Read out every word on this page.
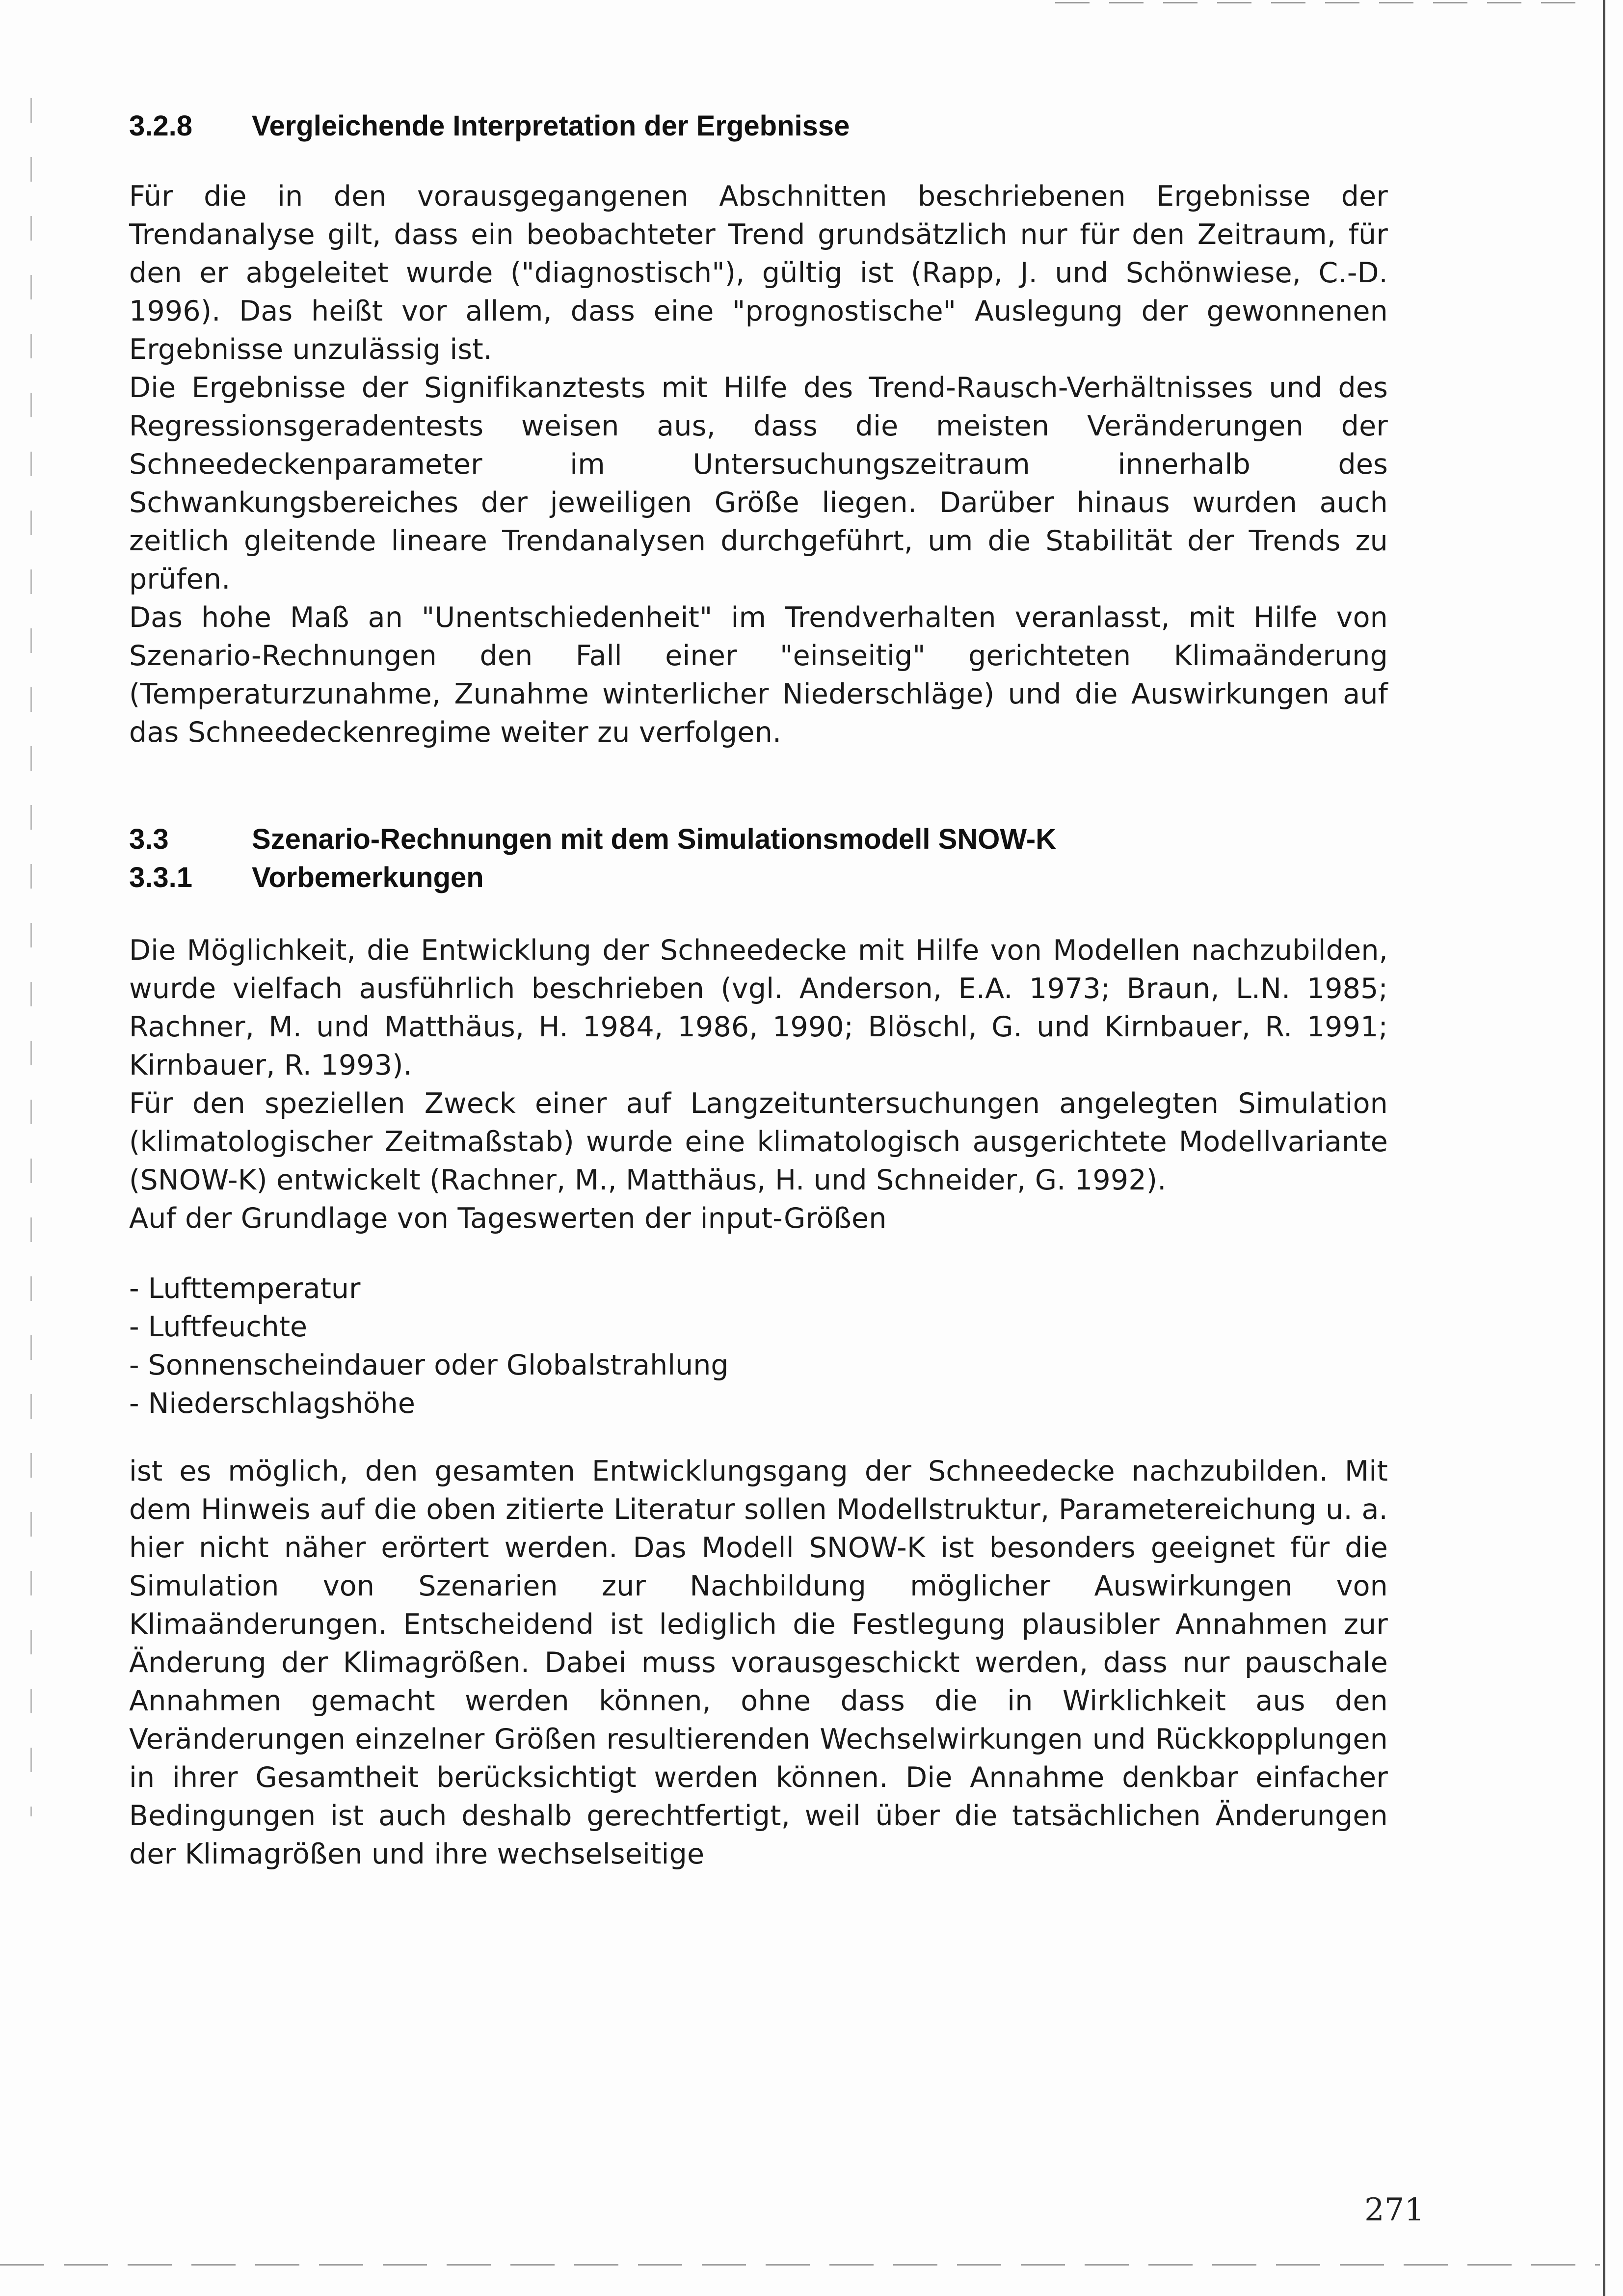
3.2.8 Vergleichende Interpretation der Ergebnisse

Für die in den vorausgegangenen Abschnitten beschriebenen Ergebnisse der Trendanalyse gilt, dass ein beobachteter Trend grundsätzlich nur für den Zeitraum, für den er abgeleitet wurde ("diagnostisch"), gültig ist (Rapp, J. und Schönwiese, C.-D. 1996). Das heißt vor allem, dass eine "prognostische" Auslegung der gewonnenen Ergebnisse unzulässig ist.

Die Ergebnisse der Signifikanztests mit Hilfe des Trend-Rausch-Verhältnisses und des Regressionsgeradentests weisen aus, dass die meisten Veränderungen der Schneedeckenparameter im Untersuchungszeitraum innerhalb des Schwankungsbereiches der jeweiligen Größe liegen. Darüber hinaus wurden auch zeitlich gleitende lineare Trendanalysen durchgeführt, um die Stabilität der Trends zu prüfen.

Das hohe Maß an "Unentschiedenheit" im Trendverhalten veranlasst, mit Hilfe von Szenario-Rechnungen den Fall einer "einseitig" gerichteten Klimaänderung (Temperaturzunahme, Zunahme winterlicher Niederschläge) und die Auswirkungen auf das Schneedeckenregime weiter zu verfolgen.

3.3	Szenario-Rechnungen mit dem Simulationsmodell SNOW-K
3.3.1 Vorbemerkungen

Die Möglichkeit, die Entwicklung der Schneedecke mit Hilfe von Modellen nachzubilden, wurde vielfach ausführlich beschrieben (vgl. Anderson, E.A. 1973; Braun, L.N. 1985; Rachner, M. und Matthäus, H. 1984, 1986, 1990; Blöschl, G. und Kirnbauer, R. 1991; Kirnbauer, R. 1993).

Für den speziellen Zweck einer auf Langzeituntersuchungen angelegten Simulation (klimatologischer Zeitmaßstab) wurde eine klimatologisch ausgerichtete Modellvariante (SNOW-K) entwickelt (Rachner, M., Matthäus, H. und Schneider, G. 1992).

Auf der Grundlage von Tageswerten der input-Größen

- Lufttemperatur
- Luftfeuchte
- Sonnenscheindauer oder Globalstrahlung
- Niederschlagshöhe

ist es möglich, den gesamten Entwicklungsgang der Schneedecke nachzubilden. Mit dem Hinweis auf die oben zitierte Literatur sollen Modellstruktur, Parametereichung u. a. hier nicht näher erörtert werden. Das Modell SNOW-K ist besonders geeignet für die Simulation von Szenarien zur Nachbildung möglicher Auswirkungen von Klimaänderungen. Entscheidend ist lediglich die Festlegung plausibler Annahmen zur Änderung der Klimagrößen. Dabei muss vorausgeschickt werden, dass nur pauschale Annahmen gemacht werden können, ohne dass die in Wirklichkeit aus den Veränderungen einzelner Größen resultierenden Wechselwirkungen und Rückkopplungen in ihrer Gesamtheit berücksichtigt werden können. Die Annahme denkbar einfacher Bedingungen ist auch deshalb gerechtfertigt, weil über die tatsächlichen Änderungen der Klimagrößen und ihre wechselseitige

271
